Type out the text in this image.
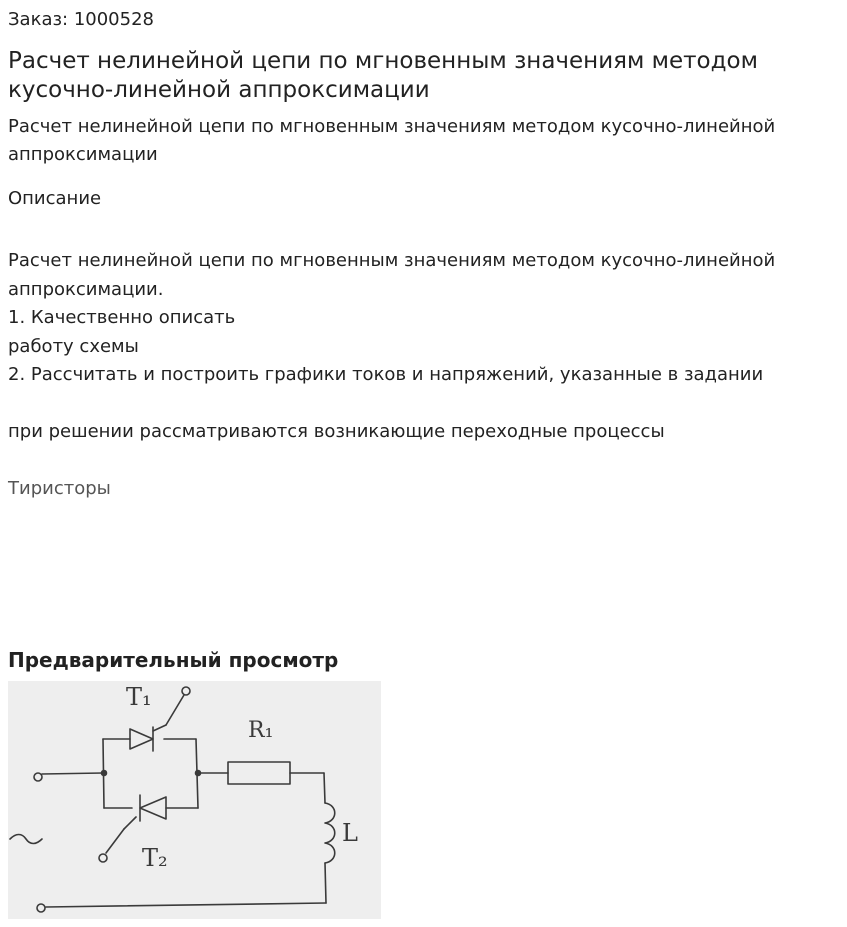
Заказ: 1000528

Расчет нелинейной цепи по мгновенным значениям методом кусочно-линейной аппроксимации

Расчет нелинейной цепи по мгновенным значениям методом кусочно-линейной аппроксимации

Описание
Расчет нелинейной цепи по мгновенным значениям методом кусочно-линейной
аппроксимации.
1. Качественно описать
работу схемы
2. Рассчитать и построить графики токов и напряжений, указанные в задании
при решении рассматриваются возникающие переходные процессы

Тиристоры

Предварительный просмотр
T₁
T₂
R₁
L
